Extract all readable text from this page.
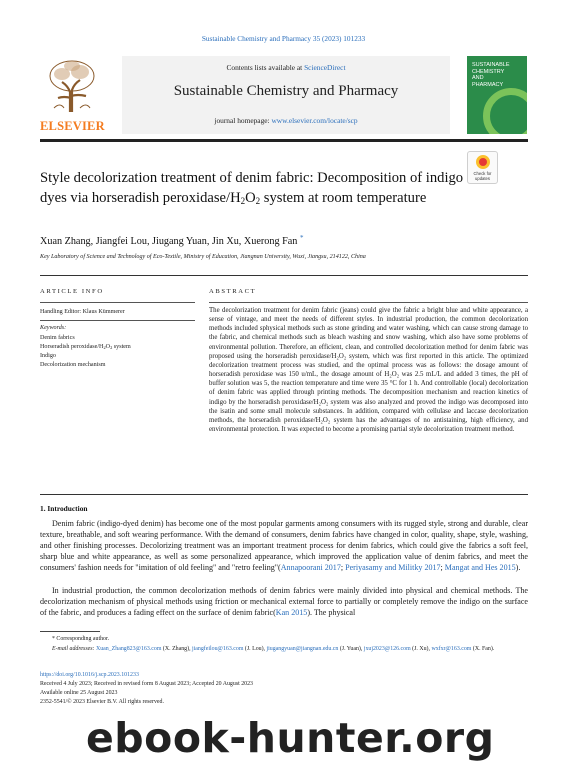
Sustainable Chemistry and Pharmacy 35 (2023) 101233
ELSEVIER
Contents lists available at ScienceDirect
Sustainable Chemistry and Pharmacy
journal homepage: www.elsevier.com/locate/scp
SUSTAINABLE CHEMISTRY AND PHARMACY
Check for
updates
Style decolorization treatment of denim fabric: Decomposition of indigo dyes via horseradish peroxidase/$H_2O_2$ system at room temperature
Xuan Zhang, Jiangfei Lou, Jiugang Yuan, Jin Xu, Xuerong Fan *
Key Laboratory of Science and Technology of Eco-Textile, Ministry of Education, Jiangnan University, Wuxi, Jiangsu, 214122, China
ARTICLE INFO
Handling Editor: Klaus Kümmerer
Keywords:
Denim fabrics
Horseradish peroxidase/$H_2O_2$ system
Indigo
Decolorization mechanism
ABSTRACT
The decolorization treatment for denim fabric (jeans) could give the fabric a bright blue and white appearance, a sense of vintage, and meet the needs of different styles. In industrial production, the common decolorization methods included sphysical methods such as stone grinding and water washing, which can cause strong damage to the fabric, and chemical methods such as bleach washing and snow washing, which also have some problems of environmental pollution. Therefore, an efficient, clean, and controlled decolorization method for denim fabric was proposed using the horseradish peroxidase/H₂O₂ system, which was first reported in this article. The optimized decolorization treatment process was studied, and the optimal process was as follows: the dosage amount of horseradish peroxidase was 150 u/mL, the dosage amount of H₂O₂ was 2.5 mL/L and added 3 times, the pH of buffer solution was 5, the reaction temperature and time were 35 °C for 1 h. And controllable (local) decolorization of denim fabric was applied through printing methods. The decomposition mechanism and reaction kinetics of indigo by the horseradish peroxidase/H₂O₂ system was also analyzed and proved the indigo was decomposed into the isatin and some small molecule substances. In addition, compared with cellulase and laccase decolorization methods, the horseradish peroxidase/H₂O₂ system has the advantages of no antistaining, high efficiency, and environmental protection. It was expected to become a promising partial style decolorization treatment method.
1. Introduction
Denim fabric (indigo-dyed denim) has become one of the most popular garments among consumers with its rugged style, strong and durable, clear texture, breathable, and soft wearing performance. With the demand of consumers, denim fabrics have changed in color, quality, shape, style, washing, and other finishing processes. Decolorizing treatment was an important treatment process for denim fabrics, which could give the fabrics a soft feel, sharp blue and white appearance, as well as some personalized appearance, which improved the application value of denim fabrics, and meet the consumers' fashion needs for "imitation of old feeling" and "retro feeling"(Annapoorani 2017; Periyasamy and Militky 2017; Mangat and Hes 2015).
In industrial production, the common decolorization methods of denim fabrics were mainly divided into physical and chemical methods. The decolorization mechanism of physical methods using friction or mechanical external force to partially or completely remove the indigo on the surface of the fabric, and produces a fading effect on the surface of denim fabric(Kan 2015). The physical
* Corresponding author.
E-mail addresses: Xuan_Zhang823@163.com (X. Zhang), jiangfeilou@163.com (J. Lou), jiugangyuan@jiangnan.edu.cn (J. Yuan), jxuj2023@126.com (J. Xu), wxfxr@163.com (X. Fan).
https://doi.org/10.1016/j.scp.2023.101233
Received 4 July 2023; Received in revised form 8 August 2023; Accepted 20 August 2023
Available online 25 August 2023
2352-5541/© 2023 Elsevier B.V. All rights reserved.
ebook-hunter.org
